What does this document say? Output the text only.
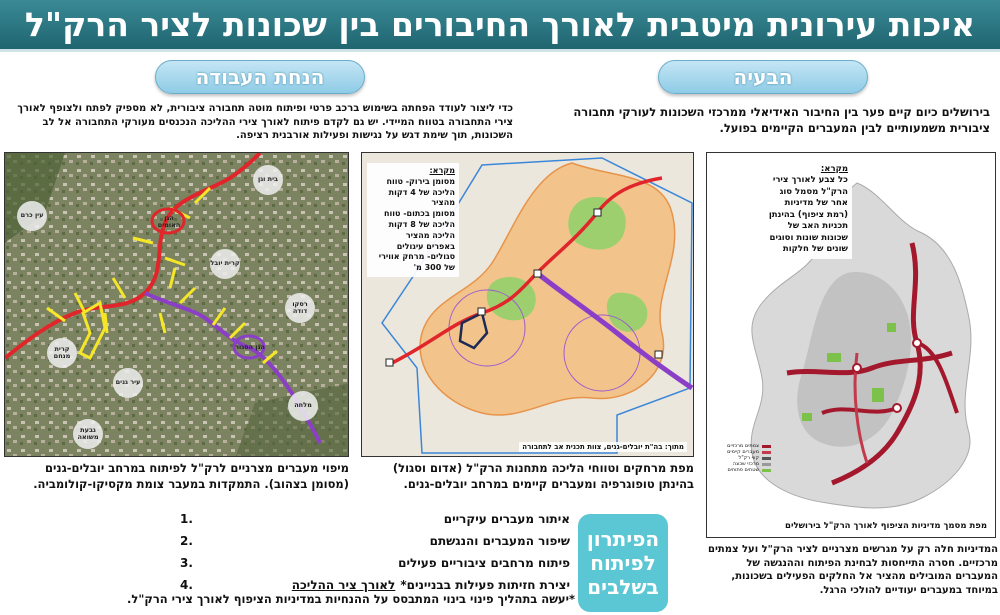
איכות עירונית מיטבית לאורך החיבורים בין שכונות לציר הרק"ל
הבעיה
הנחת העבודה
בירושלים כיום קיים פער בין החיבור האידיאלי ממרכזי השכונות לעורקי תחבורה ציבורית משמעותיים לבין המעברים הקיימים בפועל.
כדי ליצור לעודד הפחתה בשימוש ברכב פרטי ופיתוח מוטה תחבורה ציבורית, לא מספיק לפתח ולצופף לאורך צירי התחבורה בטווח המיידי. יש גם לקדם פיתוח לאורך צירי ההליכה הנכנסים מעורקי התחבורה אל לב השכונות, תוך שימת דגש על נגישות ופעילות אורבנית רציפה.
מקרא:
כל צבע לאורך צירי הרק"ל מסמל סוג אחר של מדיניות (רמת ציפוף) בהינתן תכניות האב של שכונות שונות וסוגים שונים של חלקות
צמתים מרכזיים
מעברים קיימים
קווי רק"ל
מרכזי שכונה
שטחים פתוחים
מפת מסמך מדיניות הציפוף לאורך הרק"ל בירושלים
המדיניות חלה רק על מגרשים מצרניים לציר הרק"ל ועל צמתים מרכזיים. חסרה התייחסות לבחינת הפיתוח וההנגשה של המעברים המובילים מהציר אל החלקים הפעילים בשכונות, במיוחד במעברים יעודיים להולכי הרגל.
מקרא:
מסומן בירוק- טווח הליכה של 4 דקות מהציר
מסומן בכתום- טווח הליכה של 8 דקות הליכה מהציר
באפרים עיגולים סגולים- מרחק אווירי של 300 מ'
מתוך: בה"ת יובלים-גנים, צוות תכנית אב לתחבורה
מפת מרחקים וטווחי הליכה מתחנות הרק"ל (אדום וסגול) בהינתן טופוגרפיה ומעברים קיימים במרחב יובלים-גנים.
בית וגן
עין כרם	הגן האומים
קרית יובל
רסקו דודה
קרית מנחם
עיר גנים
הגן הסגור
מלחה
גבעת משואה
מיפוי מעברים מצרניים לרק"ל לפיתוח במרחב יובלים-גנים (מסומן בצהוב). התמקדות במעבר צומת מקסיקו-קולומביה.
הפיתרון
לפיתוח
בשלבים
איתור מעברים עיקריים
1.
שיפור המעברים והנגשתם
2.
פיתוח מרחבים ציבוריים פעילים
3.
יצירת חזיתות פעילות בבניינים*
לאורך ציר ההליכה
4.
*יעשה בתהליך פינוי בינוי המתבסס על ההנחיות במדיניות הציפוף לאורך צירי הרק"ל.
